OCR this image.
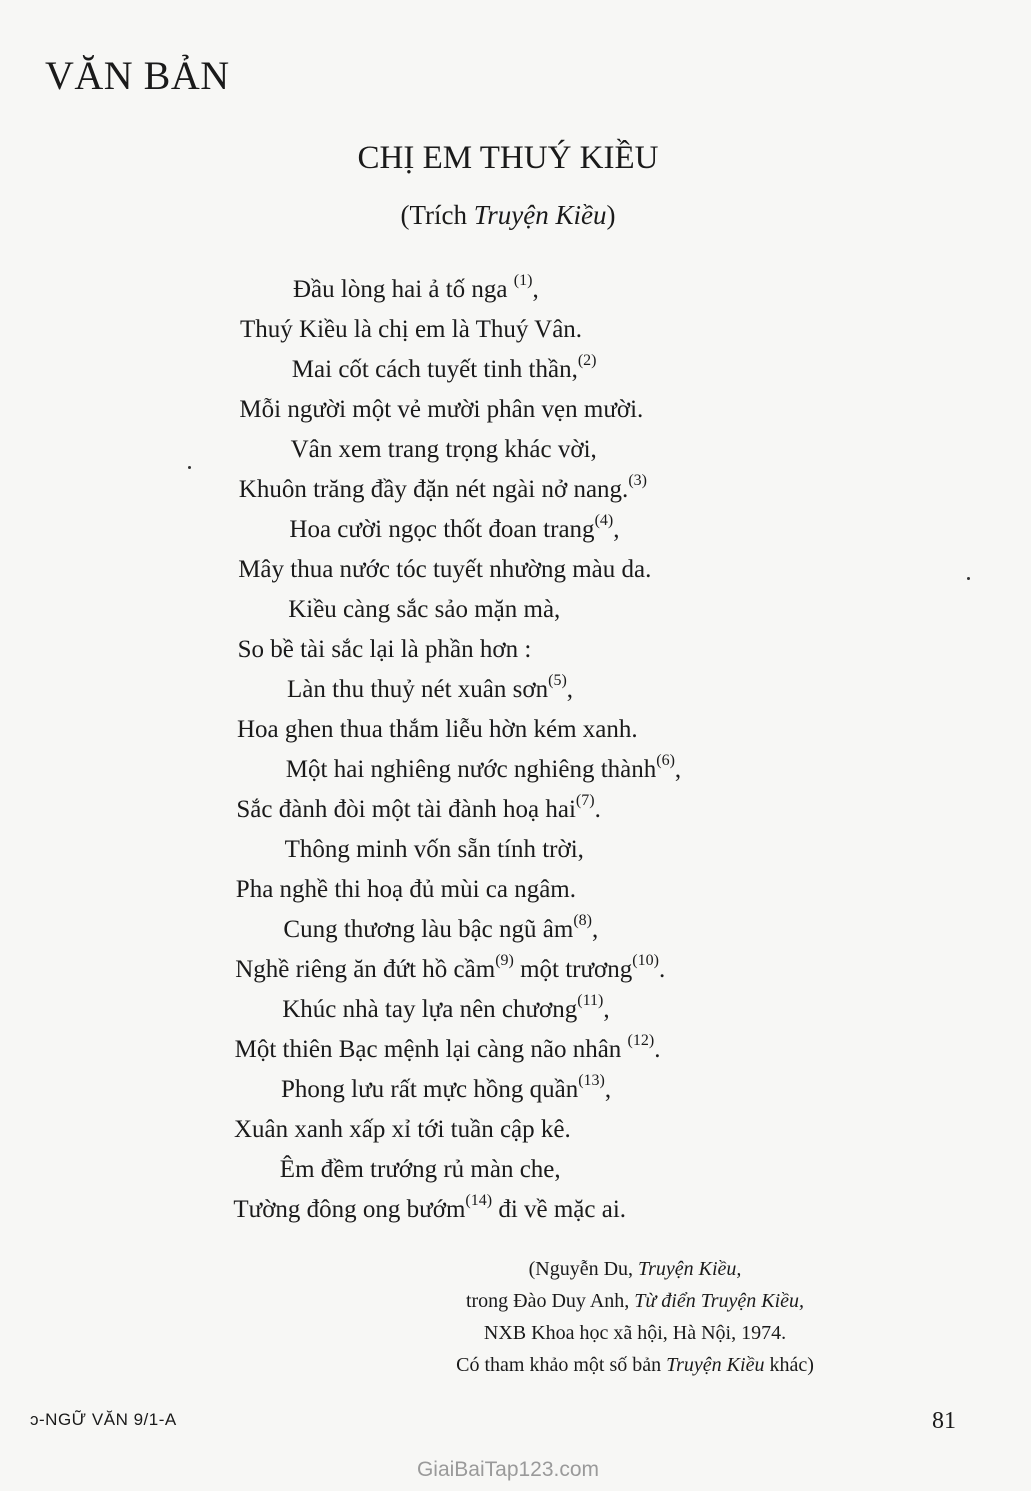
VĂN BẢN
CHỊ EM THUÝ KIỀU

(Trích Truyện Kiều)

Đầu lòng hai ả tố nga $^{(1)}$,
Thuý Kiều là chị em là Thuý Vân.
Mai cốt cách tuyết tinh thần,$^{(2)}$
Mỗi người một vẻ mười phân vẹn mười.
Vân xem trang trọng khác vời,
Khuôn trăng đầy đặn nét ngài nở nang.$^{(3)}$
Hoa cười ngọc thốt đoan trang$^{(4)}$,
Mây thua nước tóc tuyết nhường màu da.
Kiều càng sắc sảo mặn mà,
So bề tài sắc lại là phần hơn :
Làn thu thuỷ nét xuân sơn$^{(5)}$,
Hoa ghen thua thắm liễu hờn kém xanh.
Một hai nghiêng nước nghiêng thành$^{(6)}$,
Sắc đành đòi một tài đành hoạ hai$^{(7)}$.
Thông minh vốn sẵn tính trời,
Pha nghề thi hoạ đủ mùi ca ngâm.
Cung thương làu bậc ngũ $âm^{(8)}$,
Nghề riêng ăn đứt hồ cầm$^{(9)}$ một trương$^{(10)}$.
Khúc nhà tay lựa nên chương$^{(11)}$,
Một thiên Bạc mệnh lại càng não nhân $^{(12)}$.
Phong lưu rất mực hồng quần$^{(13)}$,
Xuân xanh xấp xỉ tới tuần cập kê.
Êm đềm trướng rủ màn che,
Tường đông ong bướm$^{(14)}$ đi về mặc ai.
(Nguyễn Du, Truyện Kiều,
trong Đào Duy Anh, Từ điển Truyện Kiều,
NXB Khoa học xã hội, Hà Nội, 1974.
Có tham khảo một số bản Truyện Kiều khác)
ɔ-NGỮ VĂN 9/1-A	81
GiaiBaiTap123.com
